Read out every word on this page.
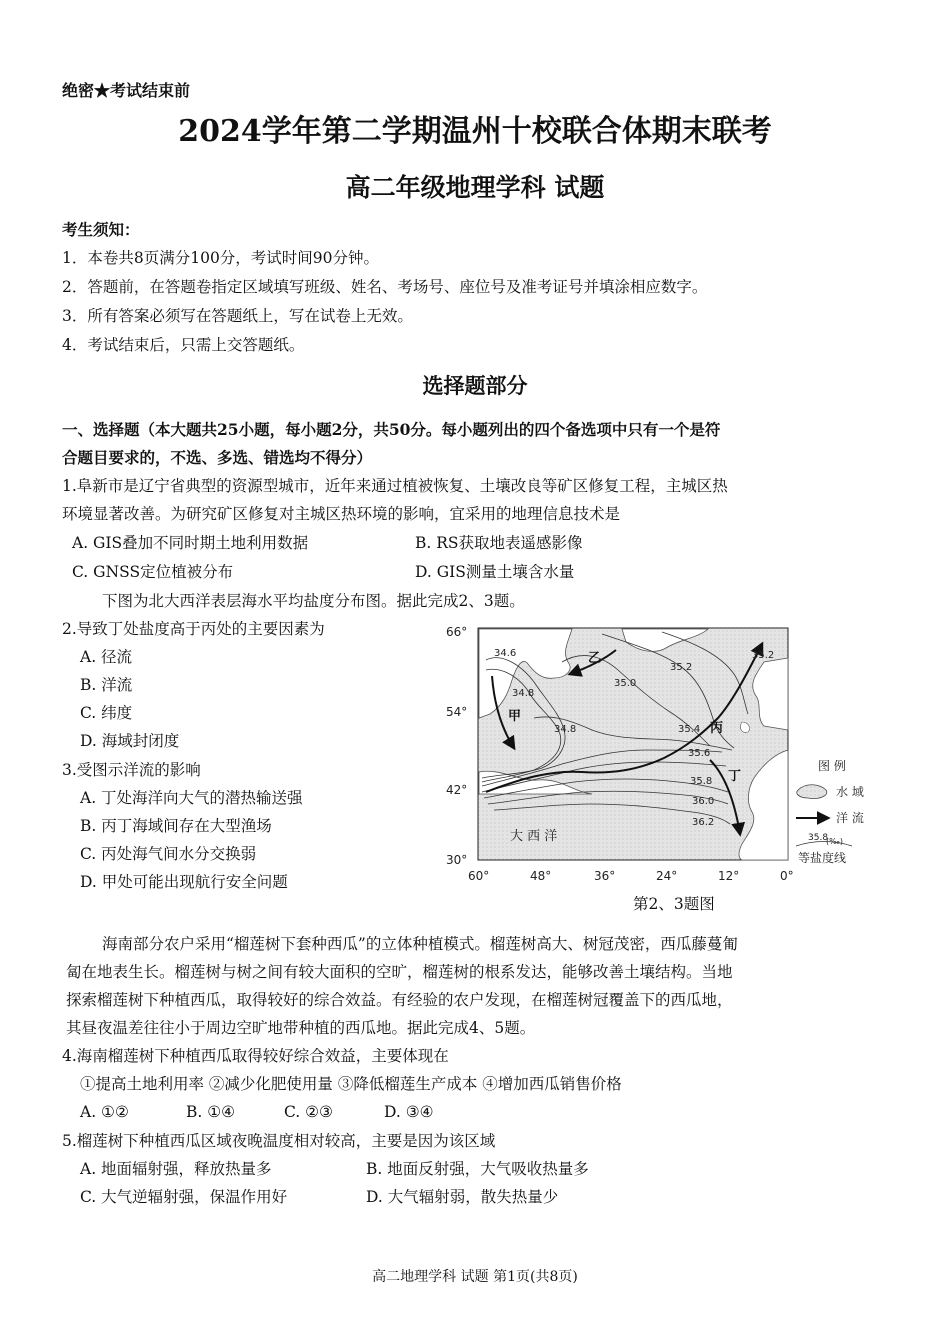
绝密★考试结束前
2024学年第二学期温州十校联合体期末联考
高二年级地理学科 试题
考生须知：
1．本卷共8页满分100分，考试时间90分钟。
2．答题前，在答题卷指定区域填写班级、姓名、考场号、座位号及准考证号并填涂相应数字。
3．所有答案必须写在答题纸上，写在试卷上无效。
4．考试结束后，只需上交答题纸。
选择题部分
一、选择题（本大题共25小题，每小题2分，共50分。每小题列出的四个备选项中只有一个是符
合题目要求的，不选、多选、错选均不得分）
1.阜新市是辽宁省典型的资源型城市，近年来通过植被恢复、土壤改良等矿区修复工程，主城区热
环境显著改善。为研究矿区修复对主城区热环境的影响，宜采用的地理信息技术是
A. GIS叠加不同时期土地利用数据	B. RS获取地表遥感影像
C. GNSS定位植被分布	D. GIS测量土壤含水量
下图为北大西洋表层海水平均盐度分布图。据此完成2、3题。
2.导致丁处盐度高于丙处的主要因素为
A. 径流
B. 洋流
C. 纬度
D. 海域封闭度
3.受图示洋流的影响
A. 丁处海洋向大气的潜热输送强
B. 丙丁海域间存在大型渔场
C. 丙处海气间水分交换弱
D. 甲处可能出现航行安全问题
34.6
34.8
35.0
35.2
35.2
34.8	35.4
35.6
35.8
36.0
36.2
乙
甲
丙
丁
大 西 洋
66°
54°
42°
30°
60°	48°	36°	24°	12°	0°
图 例
水 域
洋 流
35.8
(‰)
等盐度线
第2、3题图
海南部分农户采用“榴莲树下套种西瓜”的立体种植模式。榴莲树高大、树冠茂密，西瓜藤蔓匍
匐在地表生长。榴莲树与树之间有较大面积的空旷，榴莲树的根系发达，能够改善土壤结构。当地
探索榴莲树下种植西瓜，取得较好的综合效益。有经验的农户发现，在榴莲树冠覆盖下的西瓜地，
其昼夜温差往往小于周边空旷地带种植的西瓜地。据此完成4、5题。
4.海南榴莲树下种植西瓜取得较好综合效益，主要体现在
①提高土地利用率 ②减少化肥使用量 ③降低榴莲生产成本 ④增加西瓜销售价格
A. ①②	B. ①④	C. ②③	D. ③④
5.榴莲树下种植西瓜区域夜晚温度相对较高，主要是因为该区域
A. 地面辐射强，释放热量多	B. 地面反射强，大气吸收热量多
C. 大气逆辐射强，保温作用好	D. 大气辐射弱，散失热量少
高二地理学科 试题 第1页(共8页)
